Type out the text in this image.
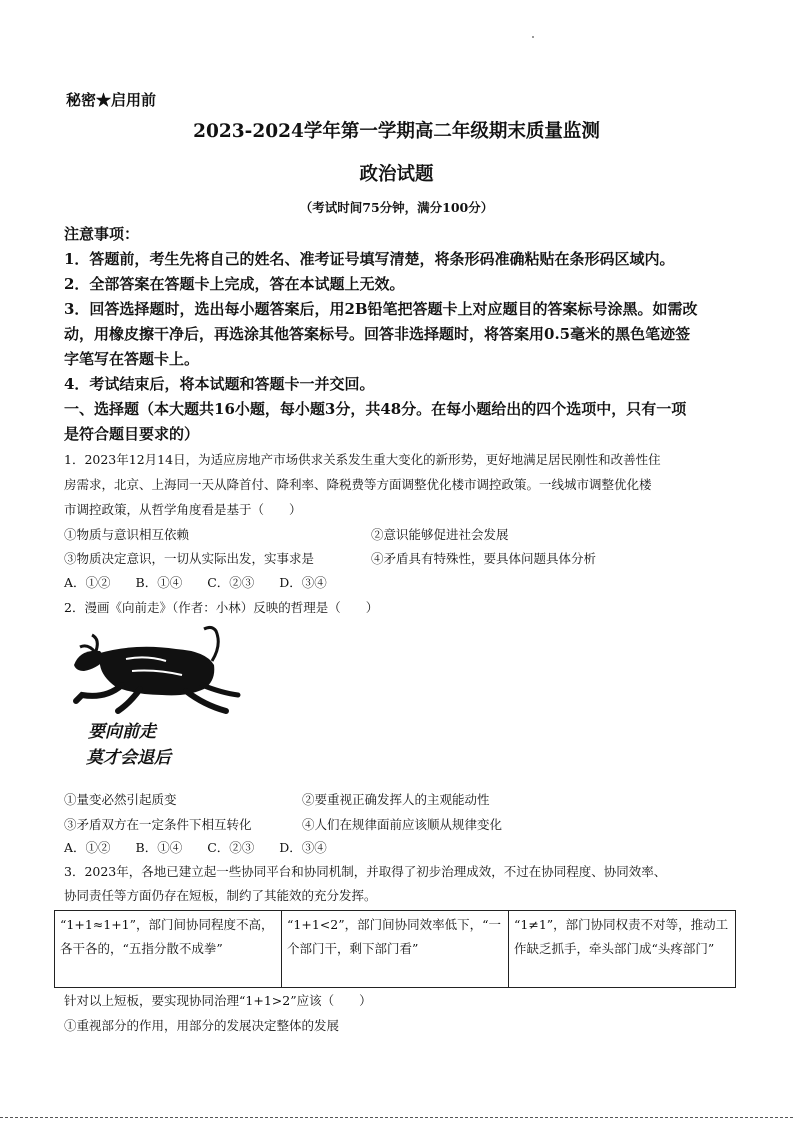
秘密★启用前
2023-2024学年第一学期高二年级期末质量监测
政治试题
（考试时间75分钟，满分100分）
注意事项：
1．答题前，考生先将自己的姓名、准考证号填写清楚，将条形码准确粘贴在条形码区域内。
2．全部答案在答题卡上完成，答在本试题上无效。
3．回答选择题时，选出每小题答案后，用2B铅笔把答题卡上对应题目的答案标号涂黑。如需改
动，用橡皮擦干净后，再选涂其他答案标号。回答非选择题时，将答案用0.5毫米的黑色笔迹签
字笔写在答题卡上。
4．考试结束后，将本试题和答题卡一并交回。
一、选择题（本大题共16小题，每小题3分，共48分。在每小题给出的四个选项中，只有一项
是符合题目要求的）
1．2023年12月14日，为适应房地产市场供求关系发生重大变化的新形势，更好地满足居民刚性和改善性住
房需求，北京、上海同一天从降首付、降利率、降税费等方面调整优化楼市调控政策。一线城市调整优化楼
市调控政策，从哲学角度看是基于（　　）
①物质与意识相互依赖	②意识能够促进社会发展
③物质决定意识，一切从实际出发，实事求是	④矛盾具有特殊性，要具体问题具体分析
A．①②　　B．①④　　C．②③　　D．③④
2．漫画《向前走》（作者：小林）反映的哲理是（　　）
要向前走
莫才会退后
①量变必然引起质变	②要重视正确发挥人的主观能动性
③矛盾双方在一定条件下相互转化	④人们在规律面前应该顺从规律变化
A．①②　　B．①④　　C．②③　　D．③④
3．2023年，各地已建立起一些协同平台和协同机制，并取得了初步治理成效，不过在协同程度、协同效率、
协同责任等方面仍存在短板，制约了其能效的充分发挥。
“1+1≈1+1”，部门间协同程度不高，各干各的，“五指分散不成拳”	“1+1<2”，部门间协同效率低下，“一个部门干，剩下部门看”	“1≠1”，部门协同权责不对等，推动工作缺乏抓手，牵头部门成“头疼部门”
针对以上短板，要实现协同治理“1+1>2”应该（　　）
①重视部分的作用，用部分的发展决定整体的发展
